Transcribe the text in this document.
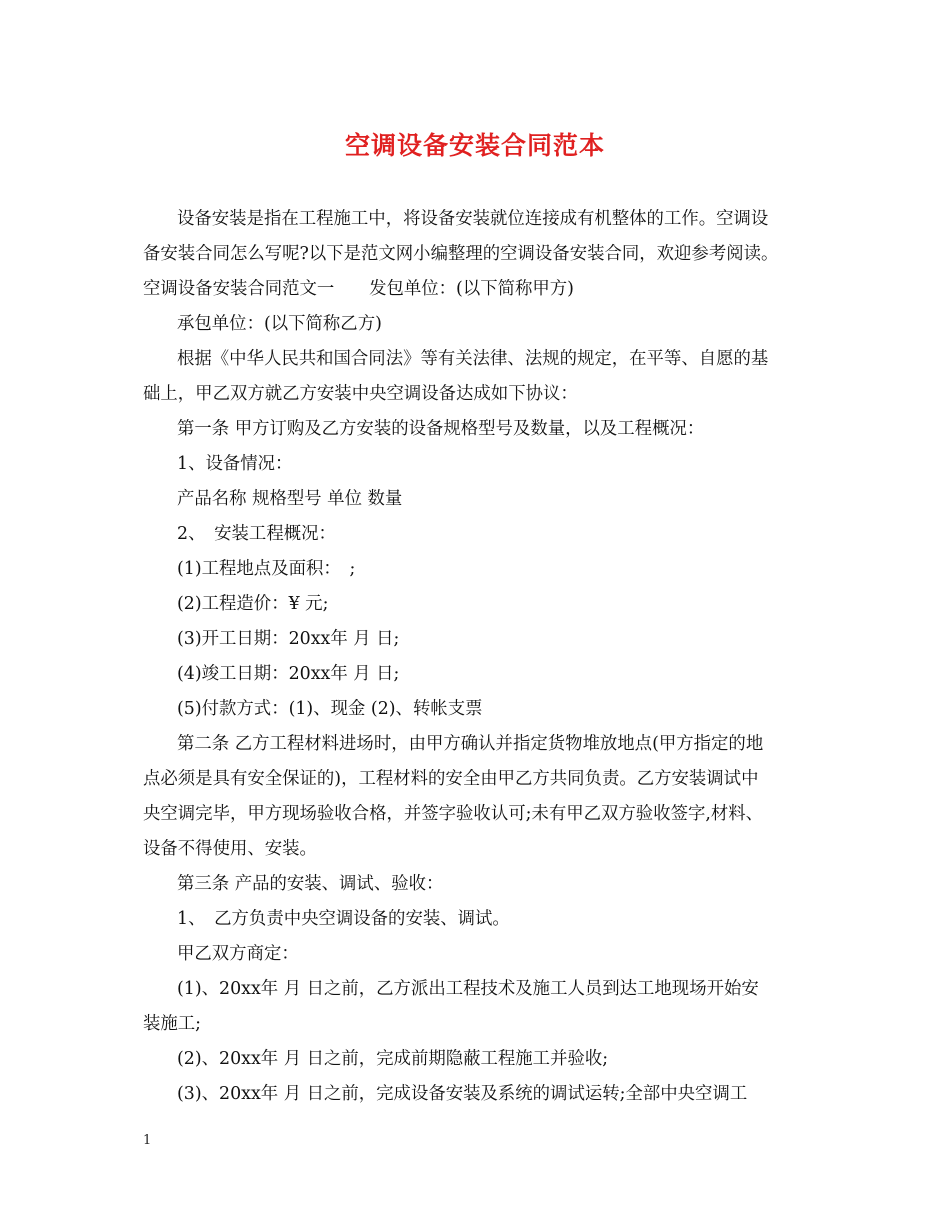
空调设备安装合同范本

设备安装是指在工程施工中，将设备安装就位连接成有机整体的工作。空调设

备安装合同怎么写呢?以下是范文网小编整理的空调设备安装合同，欢迎参考阅读。

空调设备安装合同范文一　　发包单位：(以下简称甲方)

承包单位：(以下简称乙方)

根据《中华人民共和国合同法》等有关法律、法规的规定，在平等、自愿的基

础上，甲乙双方就乙方安装中央空调设备达成如下协议：

第一条 甲方订购及乙方安装的设备规格型号及数量，以及工程概况：

1、设备情况：

产品名称 规格型号 单位 数量

2、　安装工程概况：

(1)工程地点及面积：　;

(2)工程造价：¥ 元;

(3)开工日期：20xx年 月 日;

(4)竣工日期：20xx年 月 日;

(5)付款方式：(1)、现金 (2)、转帐支票

第二条 乙方工程材料进场时，由甲方确认并指定货物堆放地点(甲方指定的地

点必须是具有安全保证的)，工程材料的安全由甲乙方共同负责。乙方安装调试中

央空调完毕，甲方现场验收合格，并签字验收认可;未有甲乙双方验收签字,材料、

设备不得使用、安装。

第三条 产品的安装、调试、验收：

1、　乙方负责中央空调设备的安装、调试。

甲乙双方商定：

(1)、20xx年 月 日之前，乙方派出工程技术及施工人员到达工地现场开始安

装施工;

(2)、20xx年 月 日之前，完成前期隐蔽工程施工并验收;

(3)、20xx年 月 日之前，完成设备安装及系统的调试运转;全部中央空调工

1
